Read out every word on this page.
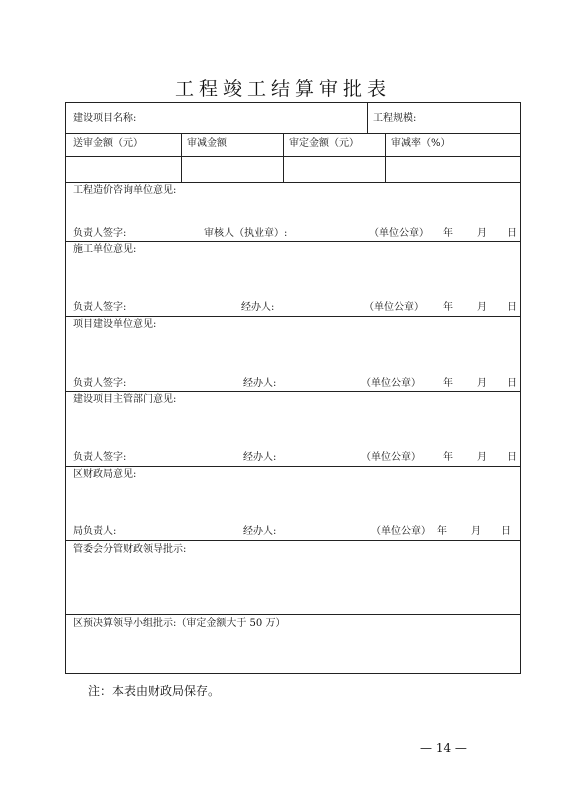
工程竣工结算审批表
建设项目名称:	工程规模:
送审金额（元）	审减金额	审定金额（元）	审减率（%）
工程造价咨询单位意见:
负责人签字:	审核人（执业章）:	（单位公章） 年 月 日
施工单位意见:
负责人签字:	经办人:	（单位公章） 年 月 日
项目建设单位意见:
负责人签字:	经办人:	（单位公章） 年 月 日
建设项目主管部门意见:
负责人签字:	经办人:	（单位公章） 年 月 日
区财政局意见:
局负责人:	经办人:	（单位公章） 年 月 日
管委会分管财政领导批示:
区预决算领导小组批示:（审定金额大于 50 万）
注：本表由财政局保存。
— 14 —
